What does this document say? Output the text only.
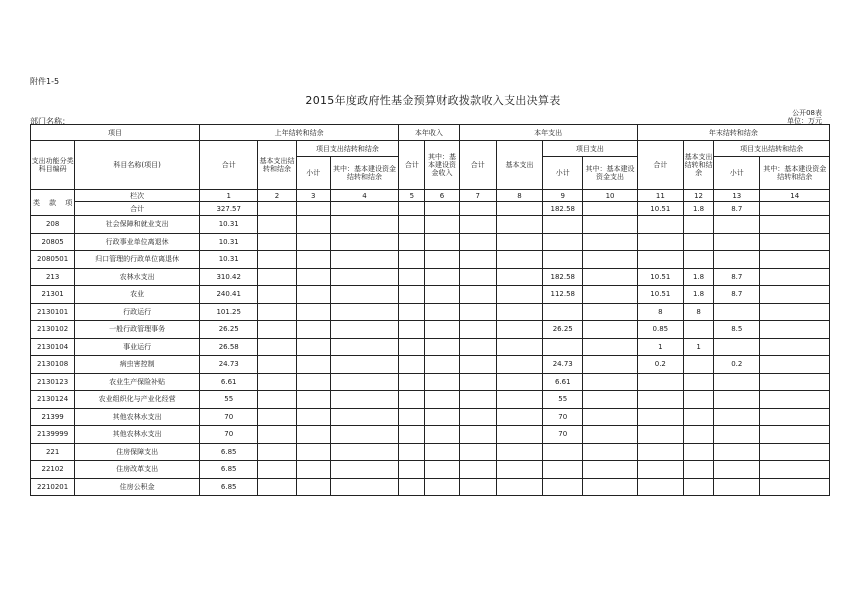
附件1-5
2015年度政府性基金预算财政拨款收入支出决算表
公开08表
单位：万元
部门名称：
项目		上年结转和结余				本年收入		本年支出				年末结转和结余			
支出功能分类科目编码	科目名称(项目)	合计	基本支出结转和结余	项目支出结转和结余		合计	其中：基本建设资金收入	合计	基本支出	项目支出		合计	基本支出结转和结余	项目支出结转和结余	
				小计	其中：基本建设资金结转和结余					小计	其中：基本建设资金支出			小计	其中：基本建设资金结转和结余

类 款 项	栏次	1	2	3	4	5	6	7	8	9	10	11	12	13	14
	合计	327.57								182.58		10.51	1.8	8.7	
208	社会保障和就业支出	10.31													
20805	行政事业单位离退休	10.31													
2080501	归口管理的行政单位离退休	10.31													
213	农林水支出	310.42								182.58		10.51	1.8	8.7	
21301	农业	240.41								112.58		10.51	1.8	8.7	
2130101	行政运行	101.25										8	8		
2130102	一般行政管理事务	26.25								26.25		0.85		8.5	
2130104	事业运行	26.58										1	1		
2130108	病虫害控制	24.73								24.73		0.2		0.2	
2130123	农业生产保险补贴	6.61								6.61					
2130124	农业组织化与产业化经营	55								55					
21399	其他农林水支出	70								70					
2139999	其他农林水支出	70								70					
221	住房保障支出	6.85													
22102	住房改革支出	6.85													
2210201	住房公积金	6.85													
